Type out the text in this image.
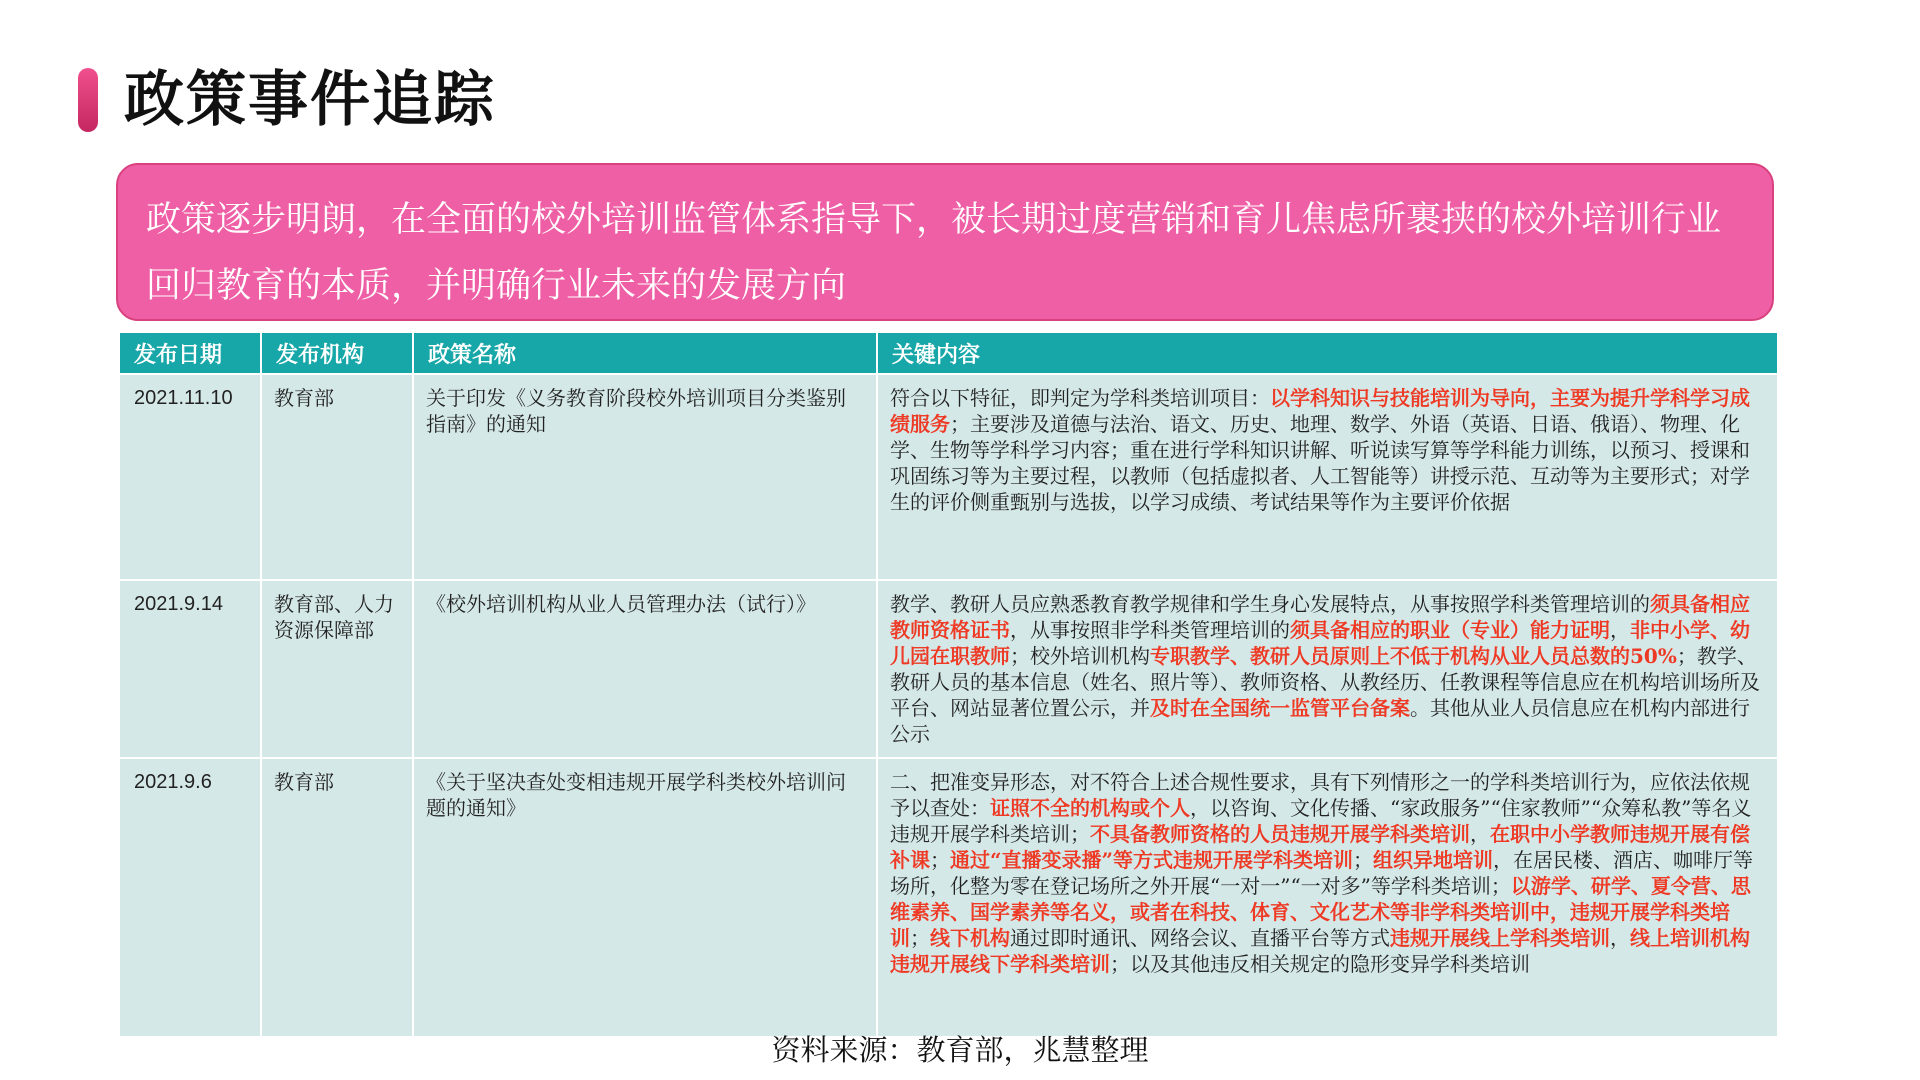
政策事件追踪
政策逐步明朗，在全面的校外培训监管体系指导下，被长期过度营销和育儿焦虑所裹挟的校外培训行业回归教育的本质，并明确行业未来的发展方向
发布日期	发布机构	政策名称	关键内容
2021.11.10	教育部	关于印发《义务教育阶段校外培训项目分类鉴别指南》的通知	符合以下特征，即判定为学科类培训项目：以学科知识与技能培训为导向，主要为提升学科学习成绩服务；主要涉及道德与法治、语文、历史、地理、数学、外语（英语、日语、俄语）、物理、化学、生物等学科学习内容；重在进行学科知识讲解、听说读写算等学科能力训练，以预习、授课和巩固练习等为主要过程，以教师（包括虚拟者、人工智能等）讲授示范、互动等为主要形式；对学生的评价侧重甄别与选拔，以学习成绩、考试结果等作为主要评价依据
2021.9.14	教育部、人力资源保障部	《校外培训机构从业人员管理办法（试行）》	教学、教研人员应熟悉教育教学规律和学生身心发展特点，从事按照学科类管理培训的须具备相应教师资格证书，从事按照非学科类管理培训的须具备相应的职业（专业）能力证明，非中小学、幼儿园在职教师；校外培训机构专职教学、教研人员原则上不低于机构从业人员总数的50%；教学、教研人员的基本信息（姓名、照片等）、教师资格、从教经历、任教课程等信息应在机构培训场所及平台、网站显著位置公示，并及时在全国统一监管平台备案。其他从业人员信息应在机构内部进行公示
2021.9.6	教育部	《关于坚决查处变相违规开展学科类校外培训问题的通知》	二、把准变异形态，对不符合上述合规性要求，具有下列情形之一的学科类培训行为，应依法依规予以查处：证照不全的机构或个人，以咨询、文化传播、“家政服务”“住家教师”“众筹私教”等名义违规开展学科类培训；不具备教师资格的人员违规开展学科类培训，在职中小学教师违规开展有偿补课；通过“直播变录播”等方式违规开展学科类培训；组织异地培训，在居民楼、酒店、咖啡厅等场所，化整为零在登记场所之外开展“一对一”“一对多”等学科类培训；以游学、研学、夏令营、思维素养、国学素养等名义，或者在科技、体育、文化艺术等非学科类培训中，违规开展学科类培训；线下机构通过即时通讯、网络会议、直播平台等方式违规开展线上学科类培训，线上培训机构违规开展线下学科类培训；以及其他违反相关规定的隐形变异学科类培训
资料来源：教育部，兆慧整理
